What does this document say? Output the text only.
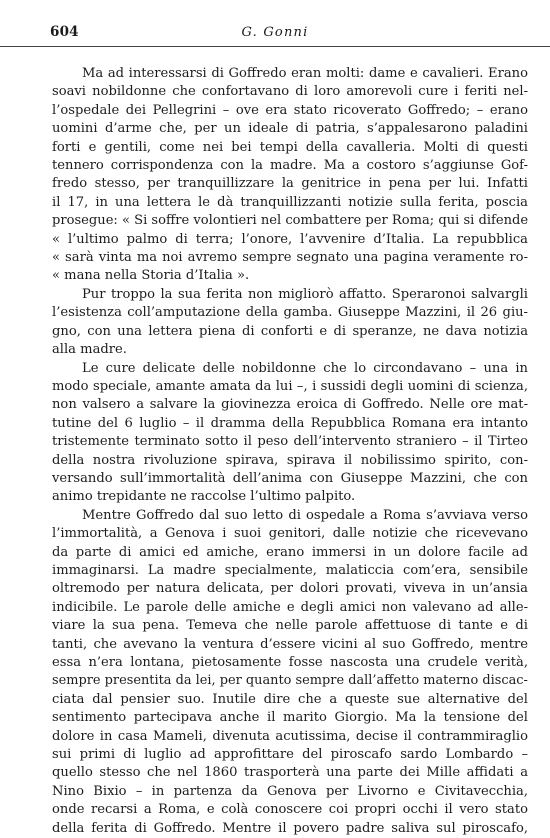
604	G. Gonni
Ma ad interessarsi di Goffredo eran molti: dame e cavalieri. Erano
soavi nobildonne che confortavano di loro amorevoli cure i feriti nel-
l’ospedale dei Pellegrini – ove era stato ricoverato Goffredo; – erano
uomini d’arme che, per un ideale di patria, s’appalesarono paladini
forti e gentili, come nei bei tempi della cavalleria. Molti di questi
tennero corrispondenza con la madre. Ma a costoro s’aggiunse Gof-
fredo stesso, per tranquillizzare la genitrice in pena per lui. Infatti
il 17, in una lettera le dà tranquillizzanti notizie sulla ferita, poscia
prosegue: « Si soffre volontieri nel combattere per Roma; qui si difende
« l’ultimo palmo di terra; l’onore, l’avvenire d’Italia. La repubblica
« sarà vinta ma noi avremo sempre segnato una pagina veramente ro-
« mana nella Storia d’Italia ».
Pur troppo la sua ferita non migliorò affatto. Speraronoi salvargli
l’esistenza coll’amputazione della gamba. Giuseppe Mazzini, il 26 giu-
gno, con una lettera piena di conforti e di speranze, ne dava notizia
alla madre.
Le cure delicate delle nobildonne che lo circondavano – una in
modo speciale, amante amata da lui –, i sussidi degli uomini di scienza,
non valsero a salvare la giovinezza eroica di Goffredo. Nelle ore mat-
tutine del 6 luglio – il dramma della Repubblica Romana era intanto
tristemente terminato sotto il peso dell’intervento straniero – il Tirteo
della nostra rivoluzione spirava, spirava il nobilissimo spirito, con-
versando sull’immortalità dell’anima con Giuseppe Mazzini, che con
animo trepidante ne raccolse l’ultimo palpito.
Mentre Goffredo dal suo letto di ospedale a Roma s’avviava verso
l’immortalità, a Genova i suoi genitori, dalle notizie che ricevevano
da parte di amici ed amiche, erano immersi in un dolore facile ad
immaginarsi. La madre specialmente, malaticcia com’era, sensibile
oltremodo per natura delicata, per dolori provati, viveva in un’ansia
indicibile. Le parole delle amiche e degli amici non valevano ad alle-
viare la sua pena. Temeva che nelle parole affettuose di tante e di
tanti, che avevano la ventura d’essere vicini al suo Goffredo, mentre
essa n’era lontana, pietosamente fosse nascosta una crudele verità,
sempre presentita da lei, per quanto sempre dall’affetto materno discac-
ciata dal pensier suo. Inutile dire che a queste sue alternative del
sentimento partecipava anche il marito Giorgio. Ma la tensione del
dolore in casa Mameli, divenuta acutissima, decise il contrammiraglio
sui primi di luglio ad approfittare del piroscafo sardo Lombardo –
quello stesso che nel 1860 trasporterà una parte dei Mille affidati a
Nino Bixio – in partenza da Genova per Livorno e Civitavecchia,
onde recarsi a Roma, e colà conoscere coi propri occhi il vero stato
della ferita di Goffredo. Mentre il povero padre saliva sul piroscafo,
